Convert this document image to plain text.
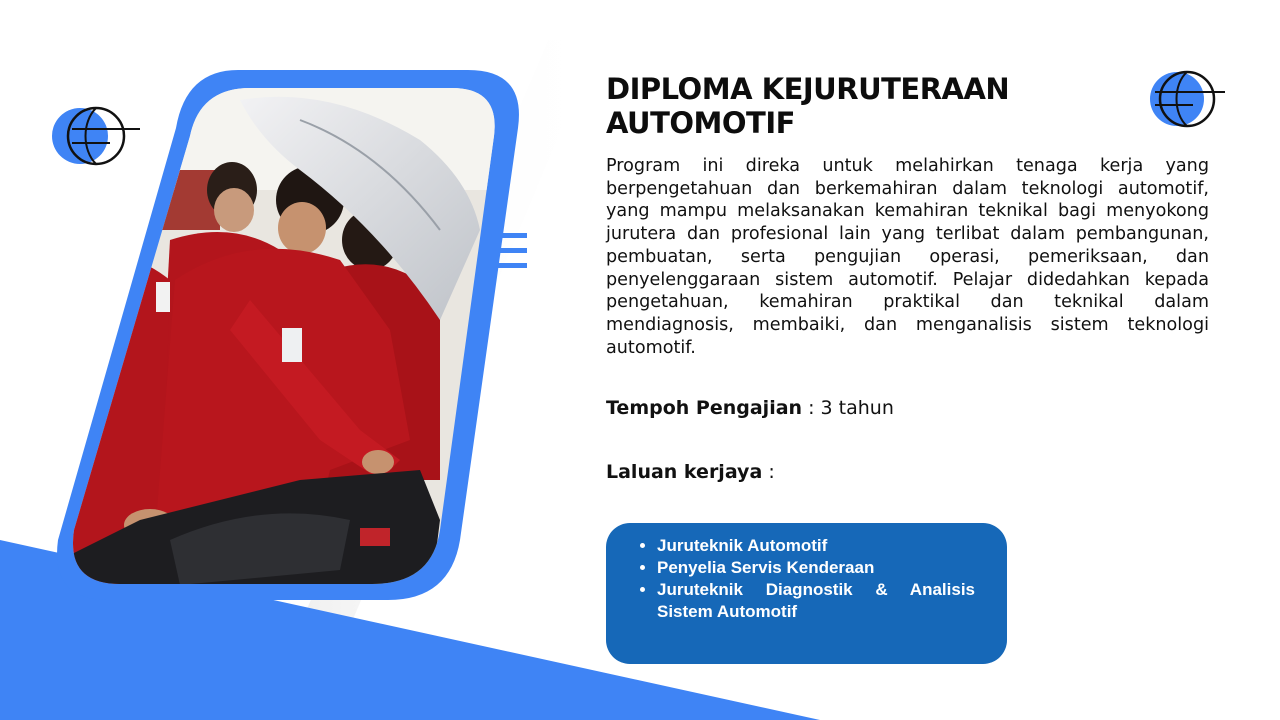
DIPLOMA KEJURUTERAAN AUTOMOTIF

Program ini direka untuk melahirkan tenaga kerja yang berpengetahuan dan berkemahiran dalam teknologi automotif, yang mampu melaksanakan kemahiran teknikal bagi menyokong jurutera dan profesional lain yang terlibat dalam pembangunan, pembuatan, serta pengujian operasi, pemeriksaan, dan penyelenggaraan sistem automotif. Pelajar didedahkan kepada pengetahuan, kemahiran praktikal dan teknikal dalam mendiagnosis, membaiki, dan menganalisis sistem teknologi automotif.

Tempoh Pengajian : 3 tahun

Laluan kerjaya :

• Juruteknik Automotif
• Penyelia Servis Kenderaan
• Juruteknik Diagnostik & Analisis Sistem Automotif
